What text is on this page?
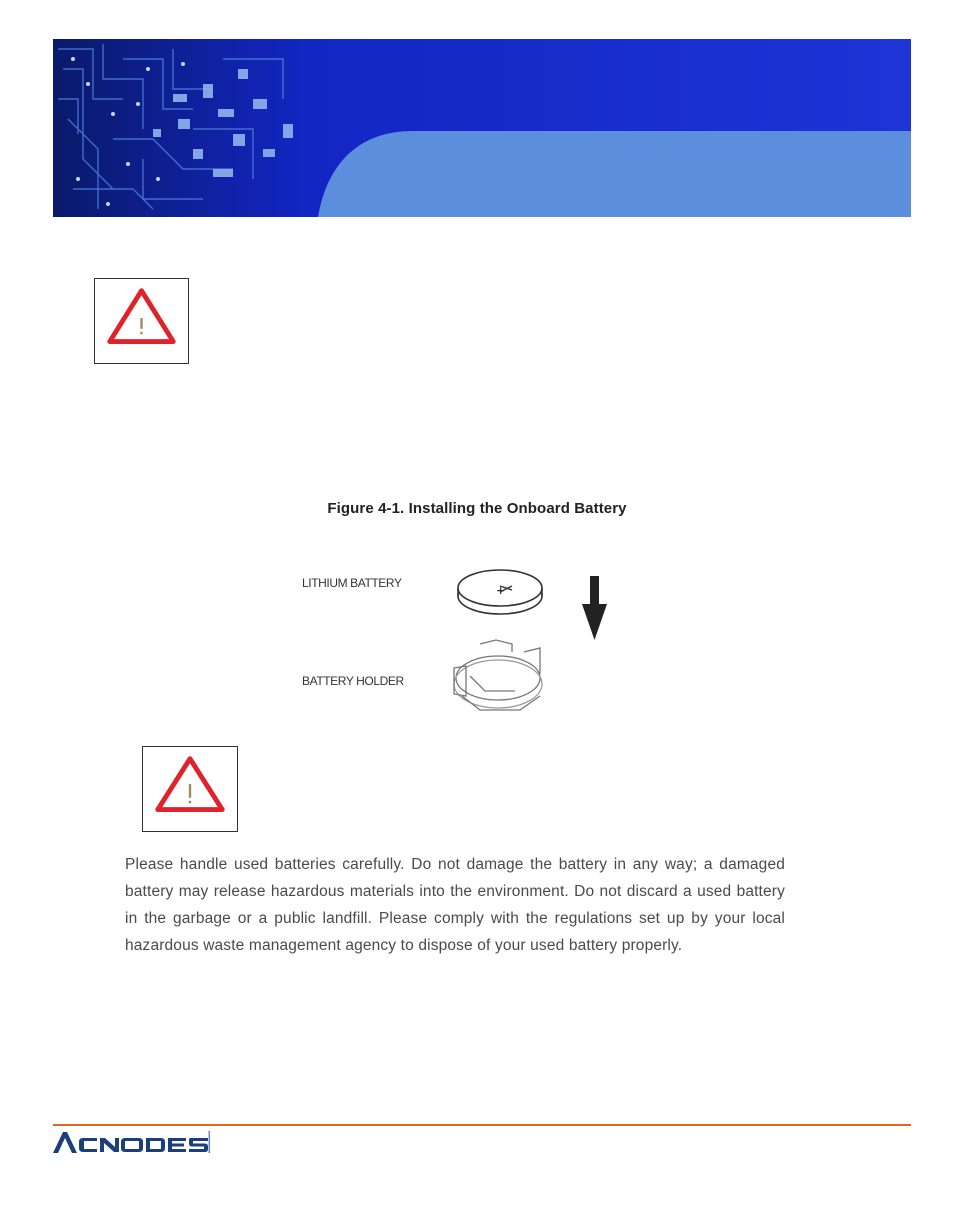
Figure 4-1. Installing the Onboard Battery
LITHIUM BATTERY
BATTERY HOLDER
+
Please handle used batteries carefully. Do not damage the battery in any way; a damaged battery may release hazardous materials into the environment. Do not discard a used battery in the garbage or a public landfill. Please comply with the regulations set up by your local hazardous waste management agency to dispose of your used battery properly.
